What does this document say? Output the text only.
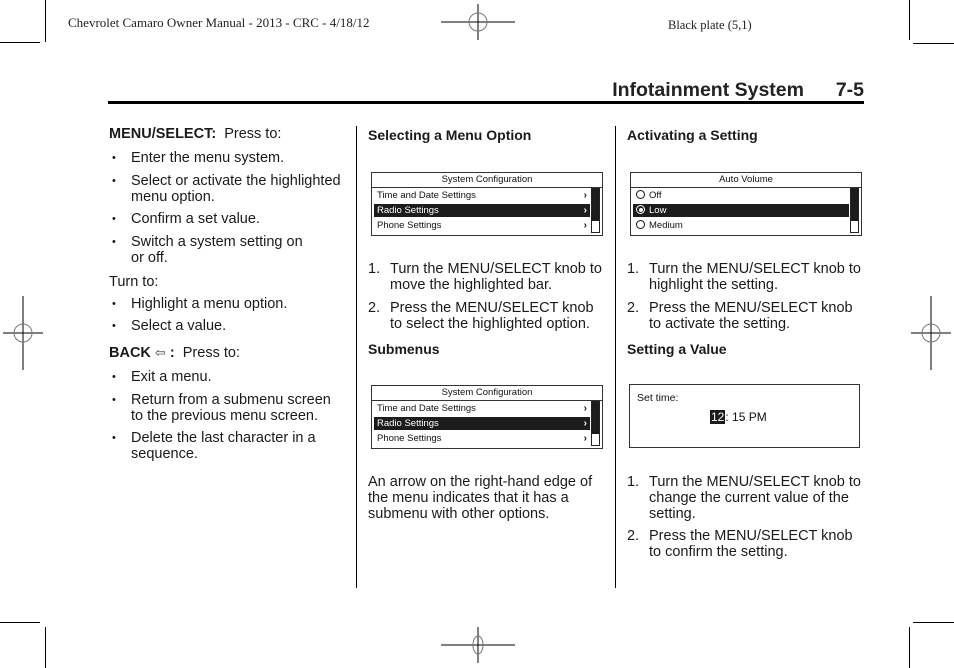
Chevrolet Camaro Owner Manual - 2013 - CRC - 4/18/12	Black plate (5,1)
Infotainment System 7-5
MENU/SELECT: Press to:
• Enter the menu system.
• Select or activate the highlighted
menu option.
• Confirm a set value.
• Switch a system setting on
or off.
Turn to:
• Highlight a menu option.
• Select a value.
BACK ⇦ : Press to:
• Exit a menu.
• Return from a submenu screen
to the previous menu screen.
• Delete the last character in a
sequence.
Selecting a Menu Option
System Configuration
Time and Date Settings	›
Radio Settings	›
Phone Settings	›
1. Turn the MENU/SELECT knob to
move the highlighted bar.
2. Press the MENU/SELECT knob
to select the highlighted option.
Submenus
System Configuration
Time and Date Settings	›
Radio Settings	›
Phone Settings	›
An arrow on the right-hand edge of
the menu indicates that it has a
submenu with other options.
Activating a Setting
Auto Volume
Off
Low
Medium
1. Turn the MENU/SELECT knob to
highlight the setting.
2. Press the MENU/SELECT knob
to activate the setting.
Setting a Value
Set time:
12: 15 PM
1. Turn the MENU/SELECT knob to
change the current value of the
setting.
2. Press the MENU/SELECT knob
to confirm the setting.
